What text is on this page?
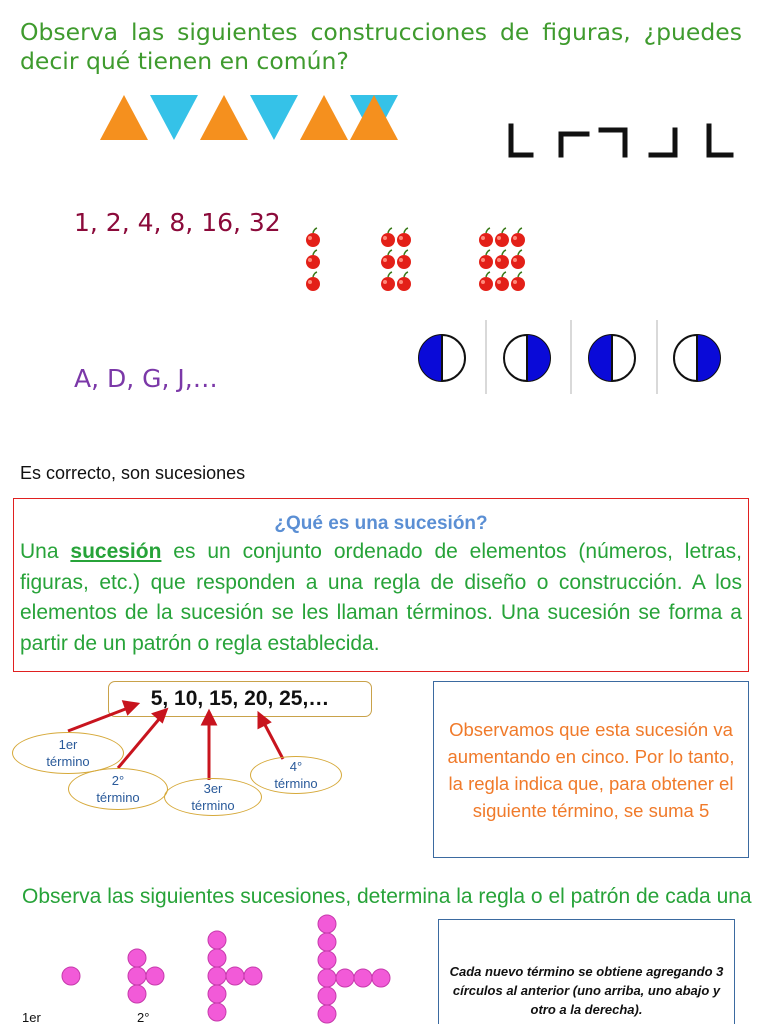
Observa las siguientes construcciones de figuras, ¿puedes decir qué tienen en común?
1, 2, 4, 8, 16, 32
A, D, G, J,…
Es correcto, son sucesiones
¿Qué es una sucesión?
Una sucesión es un conjunto ordenado de elementos (números, letras, figuras, etc.) que responden a una regla de diseño o construcción. A los elementos de la sucesión se les llaman términos. Una sucesión se forma a partir de un patrón o regla establecida.
5, 10, 15, 20, 25,…
1er
término
2°
término
3er
término
4°
término
Observamos que esta sucesión va aumentando en cinco. Por lo tanto, la regla indica que, para obtener el siguiente término, se suma 5
Observa las siguientes sucesiones, determina la regla o el patrón de cada una
1er	2°
Cada nuevo término se obtiene agregando 3 círculos al anterior (uno arriba, uno abajo y otro a la derecha).
